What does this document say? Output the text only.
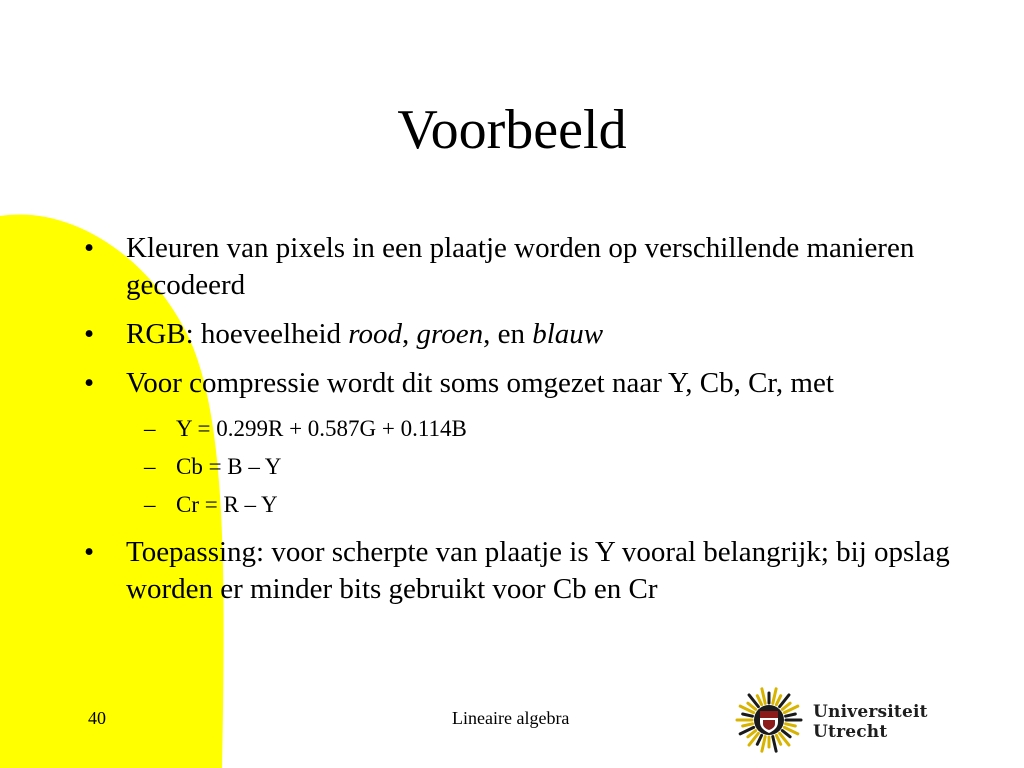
Voorbeeld
• Kleuren van pixels in een plaatje worden op verschillende manieren gecodeerd
• RGB: hoeveelheid rood, groen, en blauw
• Voor compressie wordt dit soms omgezet naar Y, Cb, Cr, met
– Y = 0.299R + 0.587G + 0.114B
– Cb = B – Y
– Cr = R – Y
• Toepassing: voor scherpte van plaatje is Y vooral belangrijk; bij opslag worden er minder bits gebruikt voor Cb en Cr
40	Lineaire algebra	Universiteit Utrecht
